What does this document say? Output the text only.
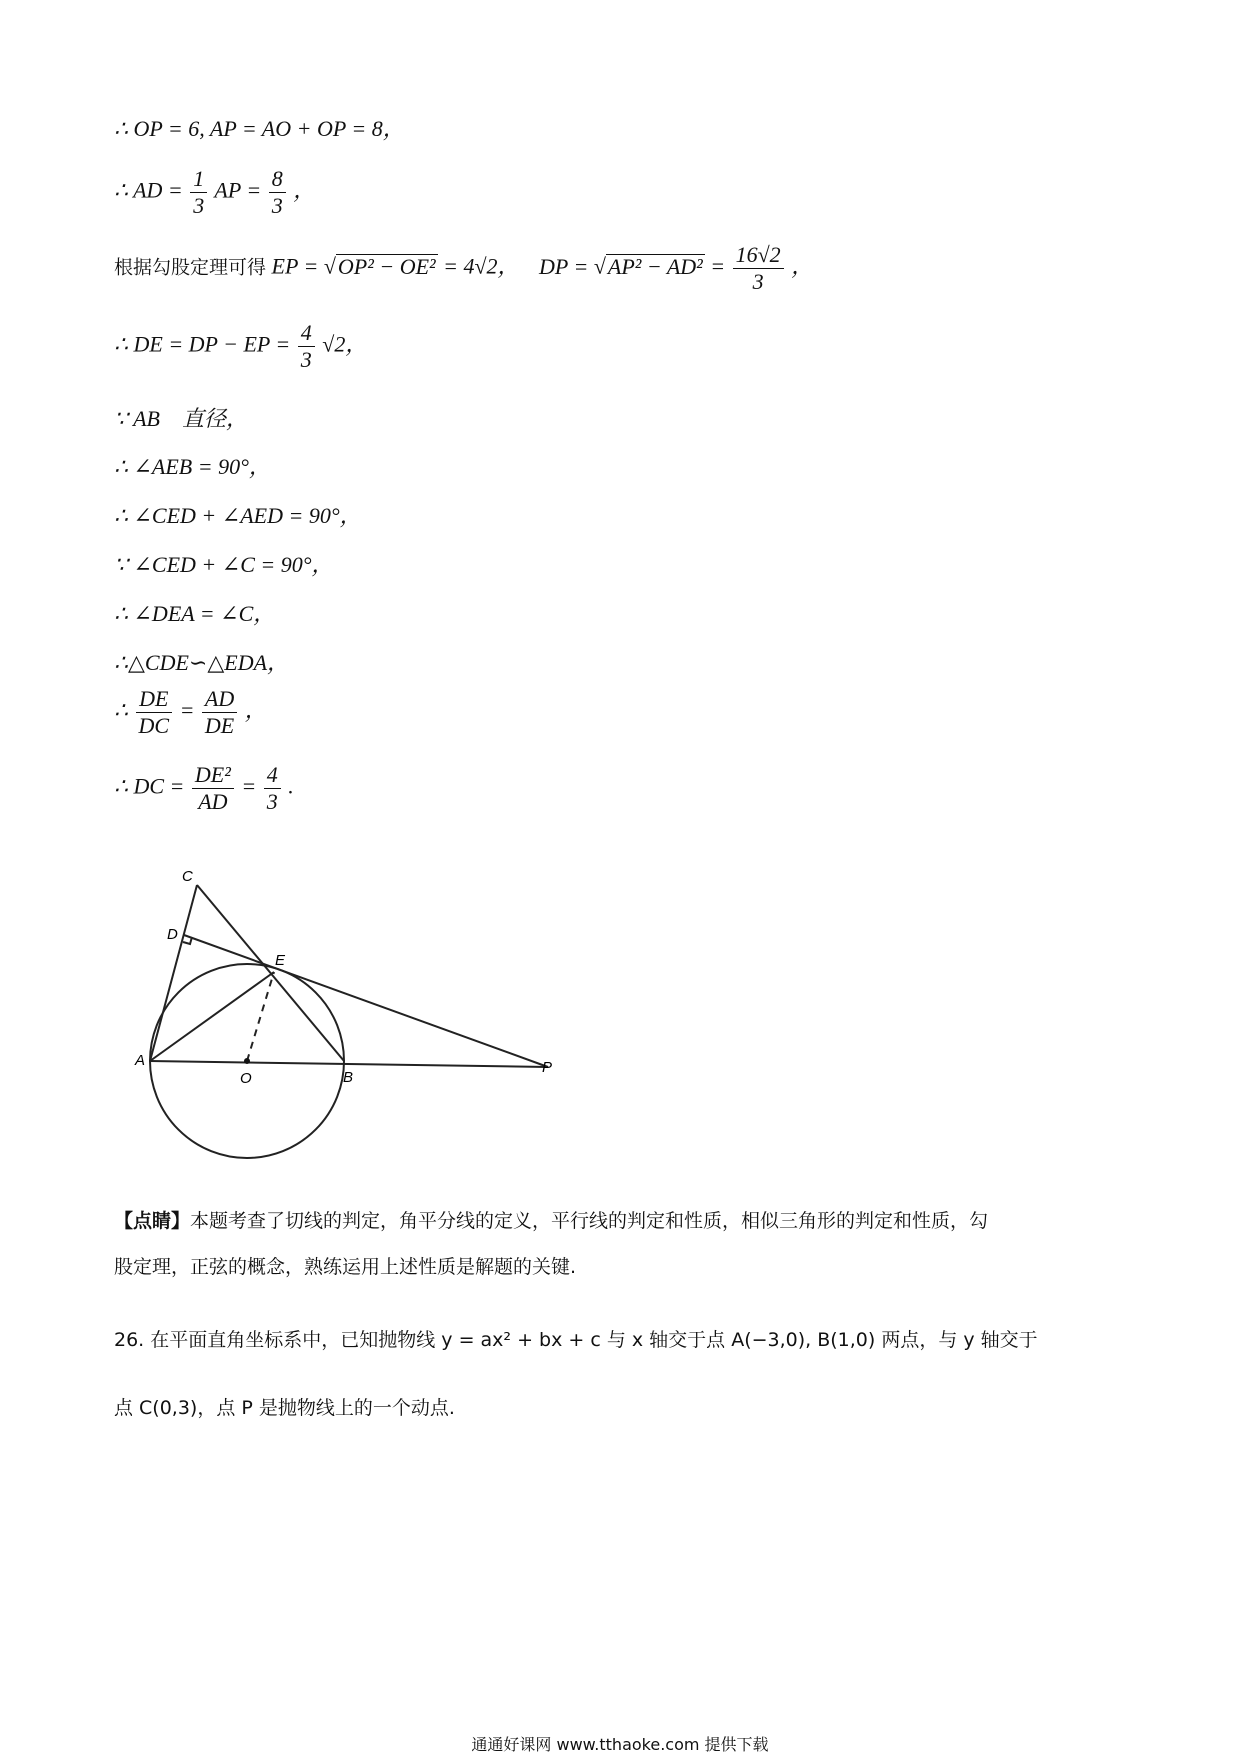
∴ OP = 6, AP = AO + OP = 8，
∴ AD = $\frac{1}{3}$ AP = $\frac{8}{3}$ ，
根据勾股定理可得 EP = √OP² − OE² = 4√2， DP = $√AP^2 - AD^2 = \frac{16√2}{3}$ ，
∴ DE = DP − EP = $\frac{4}{3} √2$，
∵ AB　直径，
∴ ∠AEB = 90°，
∴ ∠CED + ∠AED = 90°，
∵ ∠CED + ∠C = 90°，
∴ ∠DEA = ∠C，
∴△CDE∽△EDA，
∴ $\frac{DE}{DC} = \frac{AD}{DE}$ ，
∴ DC = $\frac{\text{DE²}}{AD} = \frac{4}{3}$ .
C
D
E
A
O	B
P
【点睛】本题考查了切线的判定，角平分线的定义，平行线的判定和性质，相似三角形的判定和性质，勾
股定理，正弦的概念，熟练运用上述性质是解题的关键.
26. 在平面直角坐标系中，已知抛物线 y = ax² + bx + c 与 x 轴交于点 A(−3,0), B(1,0) 两点，与 y 轴交于
点 C(0,3)，点 P 是抛物线上的一个动点.
通通好课网 www.tthaoke.com 提供下载
